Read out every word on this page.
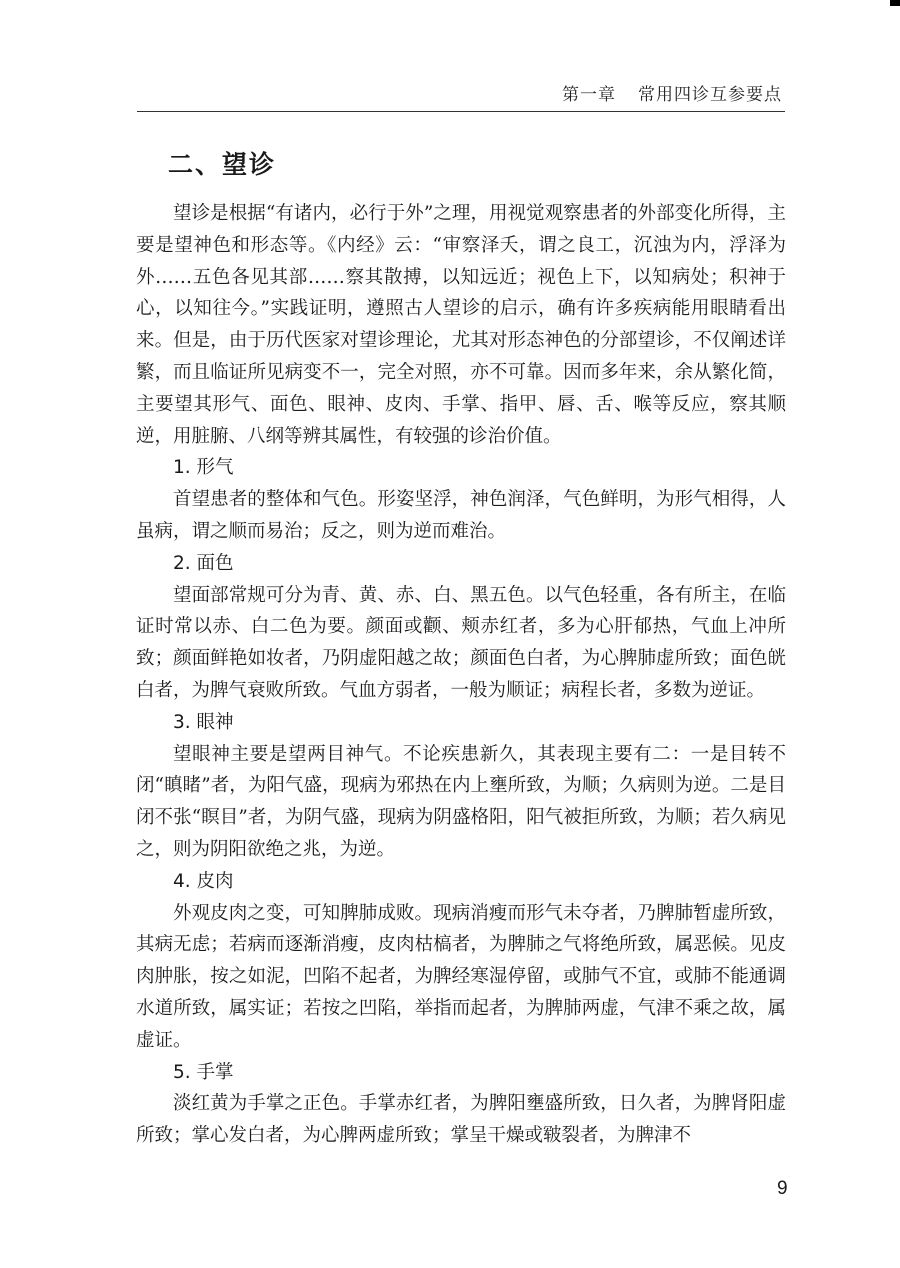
第一章 常用四诊互参要点
二、望诊

望诊是根据“有诸内，必行于外”之理，用视觉观察患者的外部变化所得，主要是望神色和形态等。《内经》云：“审察泽夭，谓之良工，沉浊为内，浮泽为外……五色各见其部……察其散搏，以知远近；视色上下，以知病处；积神于心，以知往今。”实践证明，遵照古人望诊的启示，确有许多疾病能用眼睛看出来。但是，由于历代医家对望诊理论，尤其对形态神色的分部望诊，不仅阐述详繁，而且临证所见病变不一，完全对照，亦不可靠。因而多年来，余从繁化简，主要望其形气、面色、眼神、皮肉、手掌、指甲、唇、舌、喉等反应，察其顺逆，用脏腑、八纲等辨其属性，有较强的诊治价值。

1. 形气

首望患者的整体和气色。形姿坚浮，神色润泽，气色鲜明，为形气相得，人虽病，谓之顺而易治；反之，则为逆而难治。

2. 面色

望面部常规可分为青、黄、赤、白、黑五色。以气色轻重，各有所主，在临证时常以赤、白二色为要。颜面或颧、颊赤红者，多为心肝郁热，气血上冲所致；颜面鲜艳如妆者，乃阴虚阳越之故；颜面色白者，为心脾肺虚所致；面色㿠白者，为脾气衰败所致。气血方弱者，一般为顺证；病程长者，多数为逆证。

3. 眼神

望眼神主要是望两目神气。不论疾患新久，其表现主要有二：一是目转不闭“瞋睹”者，为阳气盛，现病为邪热在内上壅所致，为顺；久病则为逆。二是目闭不张“瞑目”者，为阴气盛，现病为阴盛格阳，阳气被拒所致，为顺；若久病见之，则为阴阳欲绝之兆，为逆。

4. 皮肉

外观皮肉之变，可知脾肺成败。现病消瘦而形气未夺者，乃脾肺暂虚所致，其病无虑；若病而逐渐消瘦，皮肉枯槁者，为脾肺之气将绝所致，属恶候。见皮肉肿胀，按之如泥，凹陷不起者，为脾经寒湿停留，或肺气不宜，或肺不能通调水道所致，属实证；若按之凹陷，举指而起者，为脾肺两虚，气津不乘之故，属虚证。

5. 手掌

淡红黄为手掌之正色。手掌赤红者，为脾阳壅盛所致，日久者，为脾肾阳虚所致；掌心发白者，为心脾两虚所致；掌呈干燥或皲裂者，为脾津不

9
